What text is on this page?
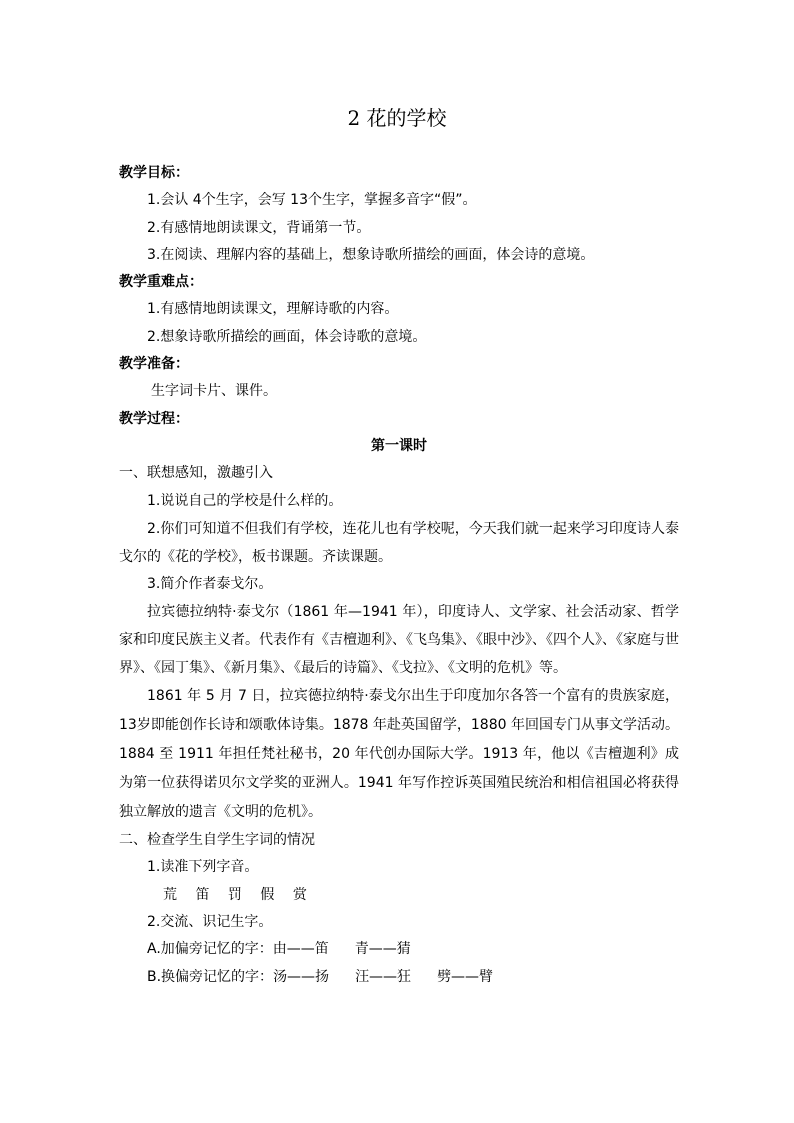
2 花的学校

教学目标：

1.会认 4个生字，会写 13个生字，掌握多音字“假”。

2.有感情地朗读课文，背诵第一节。

3.在阅读、理解内容的基础上，想象诗歌所描绘的画面，体会诗的意境。

教学重难点：

1.有感情地朗读课文，理解诗歌的内容。

2.想象诗歌所描绘的画面，体会诗歌的意境。

教学准备：

生字词卡片、课件。

教学过程：

第一课时

一、联想感知，激趣引入

1.说说自己的学校是什么样的。

2.你们可知道不但我们有学校，连花儿也有学校呢，今天我们就一起来学习印度诗人泰戈尔的《花的学校》，板书课题。齐读课题。

3.简介作者泰戈尔。

拉宾德拉纳特·泰戈尔（1861 年—1941 年），印度诗人、文学家、社会活动家、哲学家和印度民族主义者。代表作有《吉檀迦利》、《飞鸟集》、《眼中沙》、《四个人》、《家庭与世界》、《园丁集》、《新月集》、《最后的诗篇》、《戈拉》、《文明的危机》等。

1861 年 5 月 7 日，拉宾德拉纳特·泰戈尔出生于印度加尔各答一个富有的贵族家庭，13岁即能创作长诗和颂歌体诗集。1878 年赴英国留学，1880 年回国专门从事文学活动。1884 至 1911 年担任梵社秘书，20 年代创办国际大学。1913 年，他以《吉檀迦利》成为第一位获得诺贝尔文学奖的亚洲人。1941 年写作控诉英国殖民统治和相信祖国必将获得独立解放的遗言《文明的危机》。

二、检查学生自学生字词的情况

1.读准下列字音。

荒 笛 罚 假 赏

2.交流、识记生字。

A.加偏旁记忆的字：由——笛 青——猜

B.换偏旁记忆的字：汤——扬 汪——狂 劈——臂
